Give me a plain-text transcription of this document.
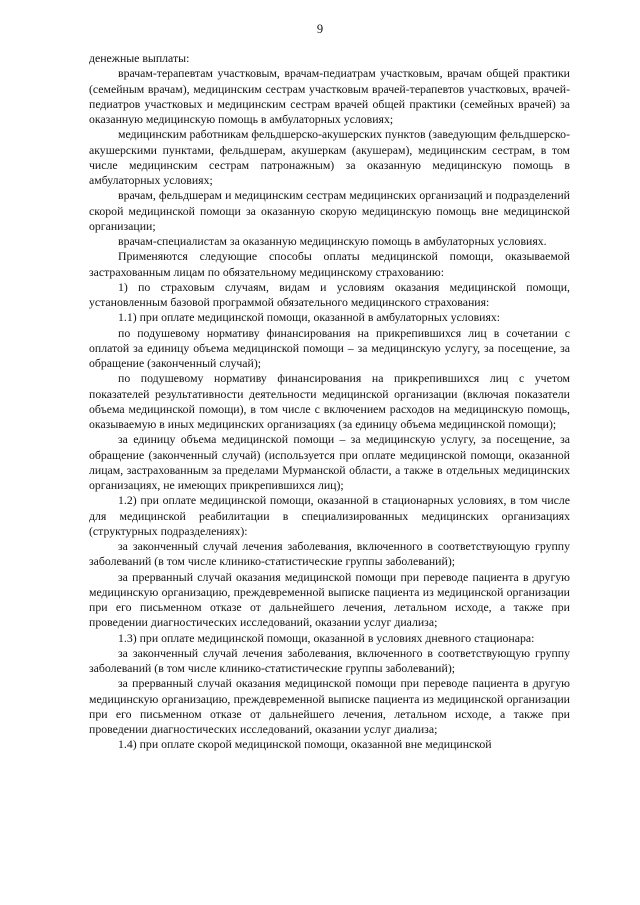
9

денежные выплаты:

врачам-терапевтам участковым, врачам-педиатрам участковым, врачам общей практики (семейным врачам), медицинским сестрам участковым врачей-терапевтов участковых, врачей-педиатров участковых и медицинским сестрам врачей общей практики (семейных врачей) за оказанную медицинскую помощь в амбулаторных условиях;

медицинским работникам фельдшерско-акушерских пунктов (заведующим фельдшерско-акушерскими пунктами, фельдшерам, акушеркам (акушерам), медицинским сестрам, в том числе медицинским сестрам патронажным) за оказанную медицинскую помощь в амбулаторных условиях;

врачам, фельдшерам и медицинским сестрам медицинских организаций и подразделений скорой медицинской помощи за оказанную скорую медицинскую помощь вне медицинской организации;

врачам-специалистам за оказанную медицинскую помощь в амбулаторных условиях.

Применяются следующие способы оплаты медицинской помощи, оказываемой застрахованным лицам по обязательному медицинскому страхованию:

1) по страховым случаям, видам и условиям оказания медицинской помощи, установленным базовой программой обязательного медицинского страхования:

1.1) при оплате медицинской помощи, оказанной в амбулаторных условиях:

по подушевому нормативу финансирования на прикрепившихся лиц в сочетании с оплатой за единицу объема медицинской помощи – за медицинскую услугу, за посещение, за обращение (законченный случай);

по подушевому нормативу финансирования на прикрепившихся лиц с учетом показателей результативности деятельности медицинской организации (включая показатели объема медицинской помощи), в том числе с включением расходов на медицинскую помощь, оказываемую в иных медицинских организациях (за единицу объема медицинской помощи);

за единицу объема медицинской помощи – за медицинскую услугу, за посещение, за обращение (законченный случай) (используется при оплате медицинской помощи, оказанной лицам, застрахованным за пределами Мурманской области, а также в отдельных медицинских организациях, не имеющих прикрепившихся лиц);

1.2) при оплате медицинской помощи, оказанной в стационарных условиях, в том числе для медицинской реабилитации в специализированных медицинских организациях (структурных подразделениях):

за законченный случай лечения заболевания, включенного в соответствующую группу заболеваний (в том числе клинико-статистические группы заболеваний);

за прерванный случай оказания медицинской помощи при переводе пациента в другую медицинскую организацию, преждевременной выписке пациента из медицинской организации при его письменном отказе от дальнейшего лечения, летальном исходе, а также при проведении диагностических исследований, оказании услуг диализа;

1.3) при оплате медицинской помощи, оказанной в условиях дневного стационара:

за законченный случай лечения заболевания, включенного в соответствующую группу заболеваний (в том числе клинико-статистические группы заболеваний);

за прерванный случай оказания медицинской помощи при переводе пациента в другую медицинскую организацию, преждевременной выписке пациента из медицинской организации при его письменном отказе от дальнейшего лечения, летальном исходе, а также при проведении диагностических исследований, оказании услуг диализа;

1.4) при оплате скорой медицинской помощи, оказанной вне медицинской
